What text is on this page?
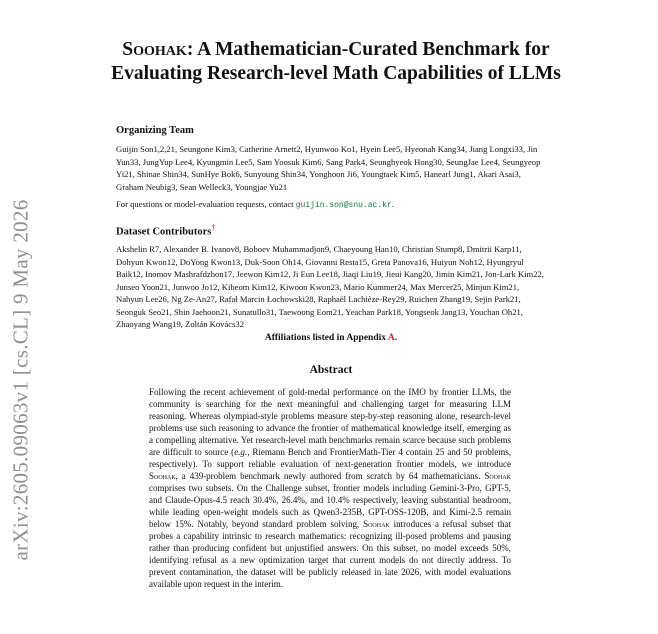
arXiv:2605.09063v1 [cs.CL] 9 May 2026
Soohak: A Mathematician-Curated Benchmark for
Evaluating Research-level Math Capabilities of LLMs
Organizing Team
Guijin Son1,2,21, Seungone Kim3, Catherine Arnett2, Hyunwoo Ko1, Hyein Lee5, Hyeonah Kang34, Jiang Longxi33, Jin Yun33, JungYup Lee4, Kyungmin Lee5, Sam Yoosuk Kim6, Sang Park4, Seunghyeok Hong30, SeungJae Lee4, Seungyeop Yi21, Shinae Shin34, SunHye Bok6, Sunyoung Shin34, Yonghoon Ji6, Youngtaek Kim5, Hanearl Jung1, Akari Asai3, Graham Neubig3, Sean Welleck3, Youngjae Yu21
For questions or model-evaluation requests, contact guijin.son@snu.ac.kr.
Dataset Contributors†
Akshelin R7, Alexander B. Ivanov8, Boboev Muhammadjon9, Chaeyoung Han10, Christian Stump8, Dmitrii Karp11, Dohyun Kwon12, DoYong Kwon13, Duk-Soon Oh14, Giovanni Resta15, Greta Panova16, Huiyun Noh12, Hyungryul Baik12, Inomov Mashrafdzhon17, Jeewon Kim12, Ji Eun Lee18, Jiaqi Liu19, Jieui Kang20, Jimin Kim21, Jon-Lark Kim22, Junseo Yoon21, Junwoo Jo12, Kibeom Kim12, Kiwoon Kwon23, Mario Kummer24, Max Mercer25, Minjun Kim21, Nahyun Lee26, Ng Ze-An27, Rafał Marcin Łochowski28, Raphaël Lachièze-Rey29, Ruichen Zhang19, Sejin Park21, Seonguk Seo21, Shin Jaehoon21, Sunatullo31, Taewoong Eom21, Yeachan Park18, Yongseok Jang13, Youchan Oh21, Zhaoyang Wang19, Zoltán Kovács32
Affiliations listed in Appendix A.
Abstract
Following the recent achievement of gold-medal performance on the IMO by frontier LLMs, the community is searching for the next meaningful and challenging target for measuring LLM reasoning. Whereas olympiad-style problems measure step-by-step reasoning alone, research-level problems use such reasoning to advance the frontier of mathematical knowledge itself, emerging as a compelling alternative. Yet research-level math benchmarks remain scarce because such problems are difficult to source (e.g., Riemann Bench and FrontierMath-Tier 4 contain 25 and 50 problems, respectively). To support reliable evaluation of next-generation frontier models, we introduce Soohak, a 439-problem benchmark newly authored from scratch by 64 mathematicians. Soohak comprises two subsets. On the Challenge subset, frontier models including Gemini-3-Pro, GPT-5, and Claude-Opus-4.5 reach 30.4%, 26.4%, and 10.4% respectively, leaving substantial headroom, while leading open-weight models such as Qwen3-235B, GPT-OSS-120B, and Kimi-2.5 remain below 15%. Notably, beyond standard problem solving, Soohak introduces a refusal subset that probes a capability intrinsic to research mathematics: recognizing ill-posed problems and pausing rather than producing confident but unjustified answers. On this subset, no model exceeds 50%, identifying refusal as a new optimization target that current models do not directly address. To prevent contamination, the dataset will be publicly released in late 2026, with model evaluations available upon request in the interim.
